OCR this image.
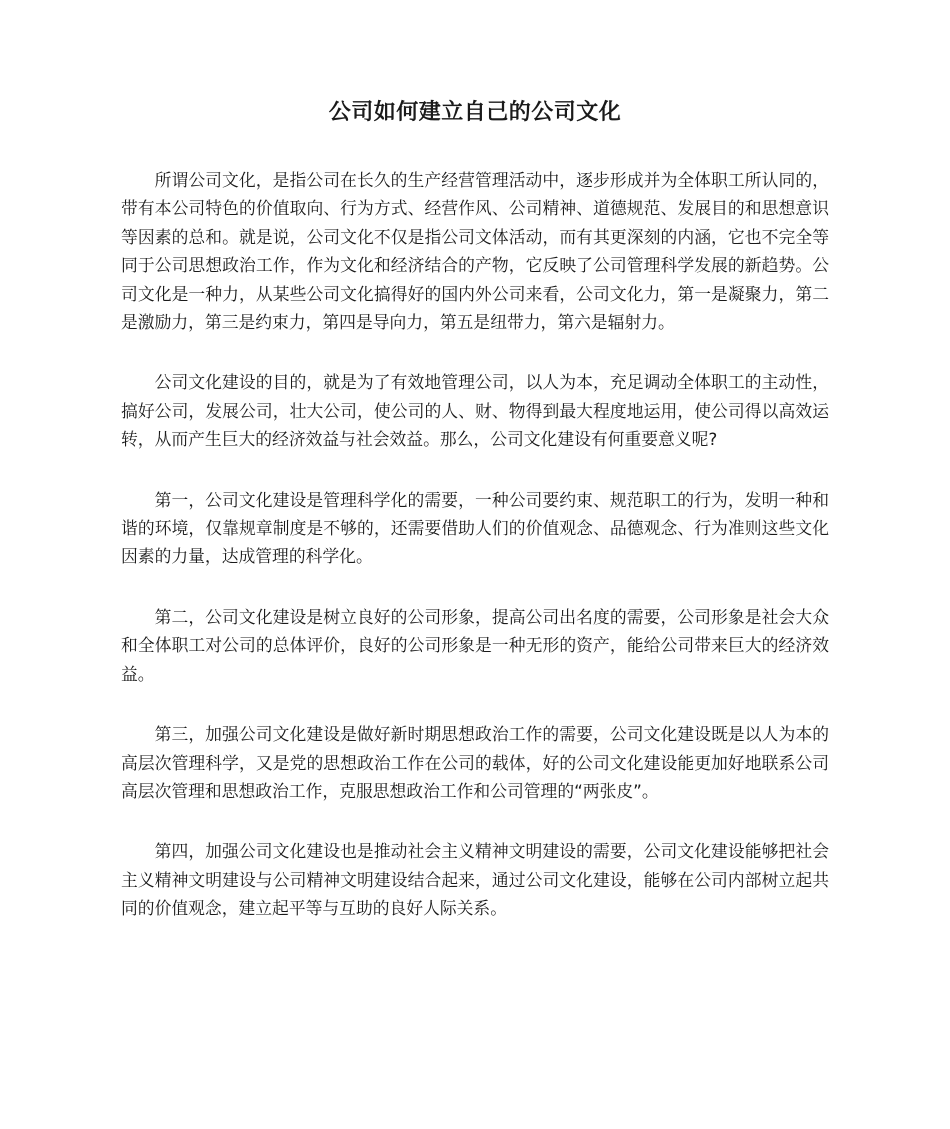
公司如何建立自己的公司文化

所谓公司文化，是指公司在长久的生产经营管理活动中，逐步形成并为全体职工所认同的，带有本公司特色的价值取向、行为方式、经营作风、公司精神、道德规范、发展目的和思想意识等因素的总和。就是说，公司文化不仅是指公司文体活动，而有其更深刻的内涵，它也不完全等同于公司思想政治工作，作为文化和经济结合的产物，它反映了公司管理科学发展的新趋势。公司文化是一种力，从某些公司文化搞得好的国内外公司来看，公司文化力，第一是凝聚力，第二是激励力，第三是约束力，第四是导向力，第五是纽带力，第六是辐射力。

公司文化建设的目的，就是为了有效地管理公司，以人为本，充足调动全体职工的主动性，搞好公司，发展公司，壮大公司，使公司的人、财、物得到最大程度地运用，使公司得以高效运转，从而产生巨大的经济效益与社会效益。那么，公司文化建设有何重要意义呢?

第一，公司文化建设是管理科学化的需要，一种公司要约束、规范职工的行为，发明一种和谐的环境，仅靠规章制度是不够的，还需要借助人们的价值观念、品德观念、行为准则这些文化因素的力量，达成管理的科学化。

第二，公司文化建设是树立良好的公司形象，提高公司出名度的需要，公司形象是社会大众和全体职工对公司的总体评价，良好的公司形象是一种无形的资产，能给公司带来巨大的经济效益。

第三，加强公司文化建设是做好新时期思想政治工作的需要，公司文化建设既是以人为本的高层次管理科学，又是党的思想政治工作在公司的载体，好的公司文化建设能更加好地联系公司高层次管理和思想政治工作，克服思想政治工作和公司管理的“两张皮”。

第四，加强公司文化建设也是推动社会主义精神文明建设的需要，公司文化建设能够把社会主义精神文明建设与公司精神文明建设结合起来，通过公司文化建设，能够在公司内部树立起共同的价值观念，建立起平等与互助的良好人际关系。
